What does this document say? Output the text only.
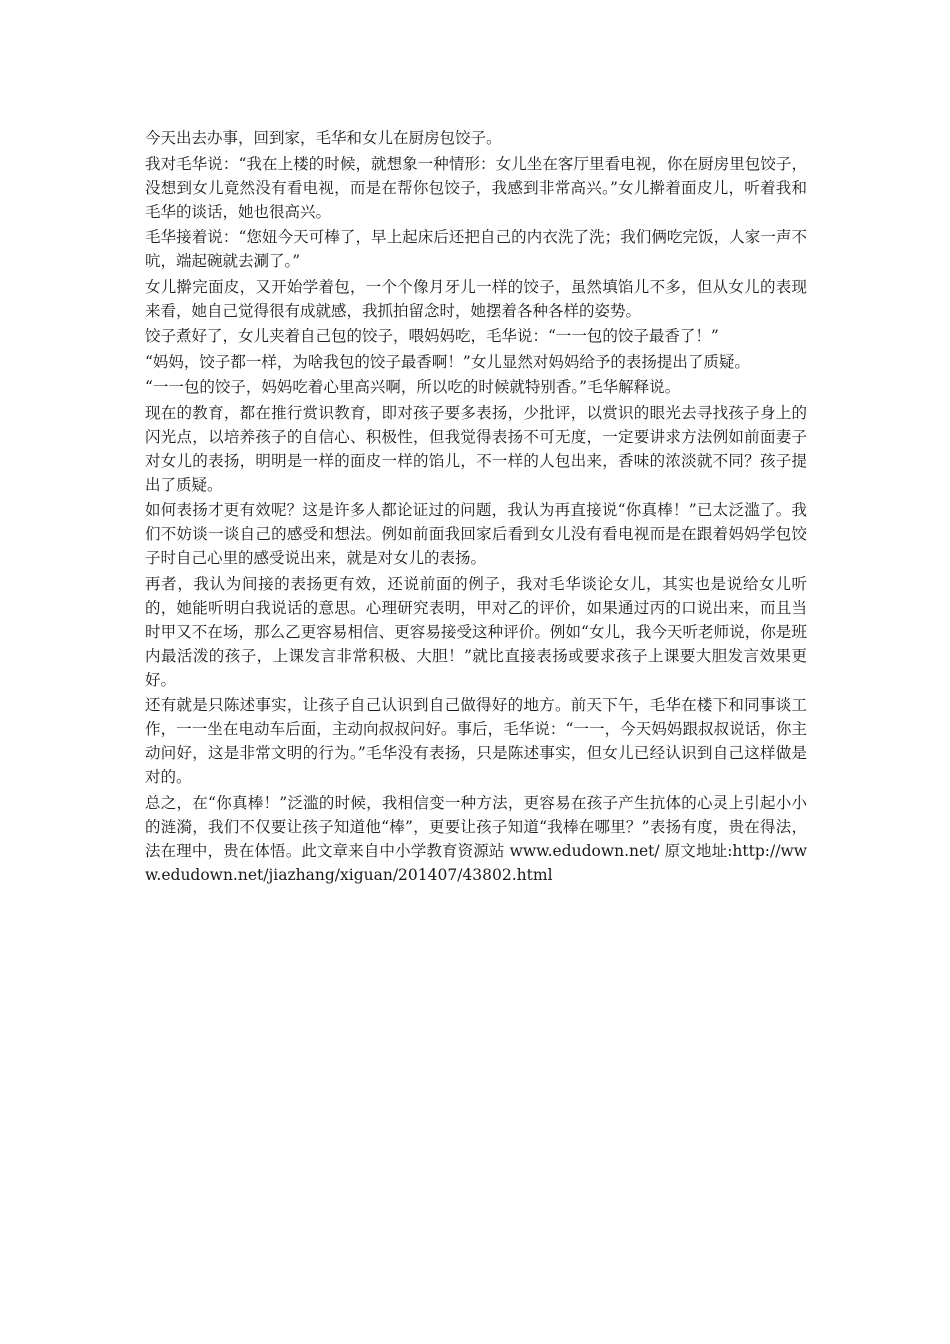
今天出去办事，回到家，毛华和女儿在厨房包饺子。

我对毛华说：“我在上楼的时候，就想象一种情形：女儿坐在客厅里看电视，你在厨房里包饺子，没想到女儿竟然没有看电视，而是在帮你包饺子，我感到非常高兴。”女儿擀着面皮儿，听着我和毛华的谈话，她也很高兴。

毛华接着说：“您妞今天可棒了，早上起床后还把自己的内衣洗了洗；我们俩吃完饭，人家一声不吭，端起碗就去涮了。”

女儿擀完面皮，又开始学着包，一个个像月牙儿一样的饺子，虽然填馅儿不多，但从女儿的表现来看，她自己觉得很有成就感，我抓拍留念时，她摆着各种各样的姿势。

饺子煮好了，女儿夹着自己包的饺子，喂妈妈吃，毛华说：“一一包的饺子最香了！”

“妈妈，饺子都一样，为啥我包的饺子最香啊！”女儿显然对妈妈给予的表扬提出了质疑。

“一一包的饺子，妈妈吃着心里高兴啊，所以吃的时候就特别香。”毛华解释说。

现在的教育，都在推行赏识教育，即对孩子要多表扬，少批评，以赏识的眼光去寻找孩子身上的闪光点，以培养孩子的自信心、积极性，但我觉得表扬不可无度，一定要讲求方法例如前面妻子对女儿的表扬，明明是一样的面皮一样的馅儿，不一样的人包出来，香味的浓淡就不同？孩子提出了质疑。

如何表扬才更有效呢？这是许多人都论证过的问题，我认为再直接说“你真棒！”已太泛滥了。我们不妨谈一谈自己的感受和想法。例如前面我回家后看到女儿没有看电视而是在跟着妈妈学包饺子时自己心里的感受说出来，就是对女儿的表扬。

再者，我认为间接的表扬更有效，还说前面的例子，我对毛华谈论女儿，其实也是说给女儿听的，她能听明白我说话的意思。心理研究表明，甲对乙的评价，如果通过丙的口说出来，而且当时甲又不在场，那么乙更容易相信、更容易接受这种评价。例如“女儿，我今天听老师说，你是班内最活泼的孩子，上课发言非常积极、大胆！”就比直接表扬或要求孩子上课要大胆发言效果更好。

还有就是只陈述事实，让孩子自己认识到自己做得好的地方。前天下午，毛华在楼下和同事谈工作，一一坐在电动车后面，主动向叔叔问好。事后，毛华说：“一一，今天妈妈跟叔叔说话，你主动问好，这是非常文明的行为。”毛华没有表扬，只是陈述事实，但女儿已经认识到自己这样做是对的。

总之，在“你真棒！”泛滥的时候，我相信变一种方法，更容易在孩子产生抗体的心灵上引起小小的涟漪，我们不仅要让孩子知道他“棒”，更要让孩子知道“我棒在哪里？”表扬有度，贵在得法，法在理中，贵在体悟。此文章来自中小学教育资源站 www.edudown.net/ 原文地址:http://www.edudown.net/jiazhang/xiguan/201407/43802.html
